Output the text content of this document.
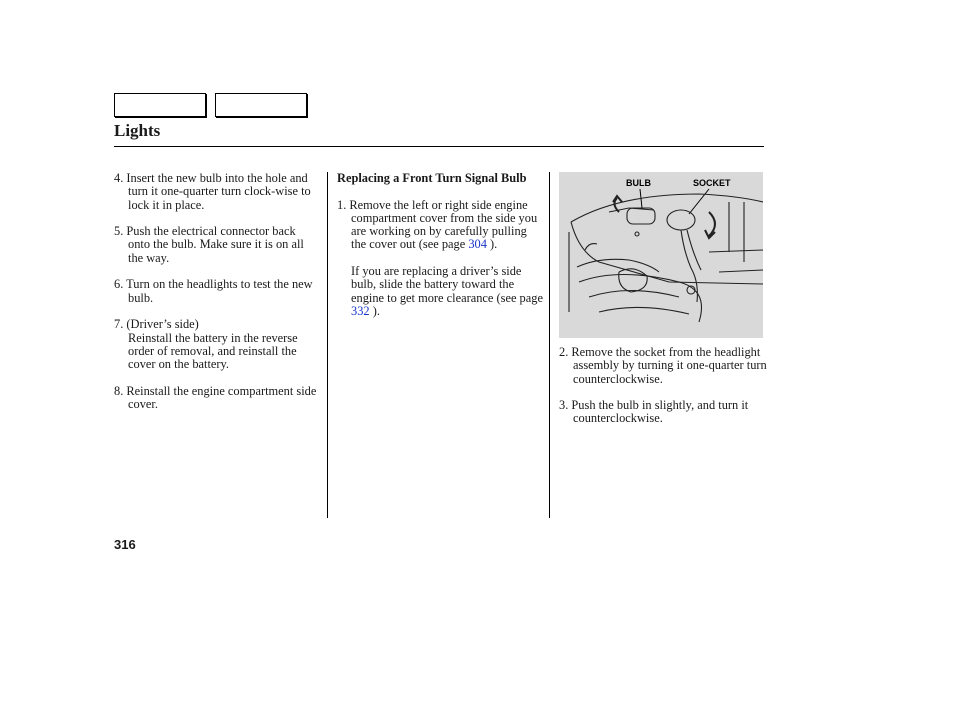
Lights

4. Insert the new bulb into the hole and turn it one-quarter turn clock-wise to lock it in place.

5. Push the electrical connector back onto the bulb. Make sure it is on all the way.

6. Turn on the headlights to test the new bulb.

7. (Driver’s side)

Reinstall the battery in the reverse order of removal, and reinstall the cover on the battery.

8. Reinstall the engine compartment side cover.

Replacing a Front Turn Signal Bulb

1. Remove the left or right side engine compartment cover from the side you are working on by carefully pulling the cover out (see page 304 ).

If you are replacing a driver’s side bulb, slide the battery toward the engine to get more clearance (see page 332 ).

BULB	SOCKET

2. Remove the socket from the headlight assembly by turning it one-quarter turn counterclockwise.

3. Push the bulb in slightly, and turn it counterclockwise.

316
